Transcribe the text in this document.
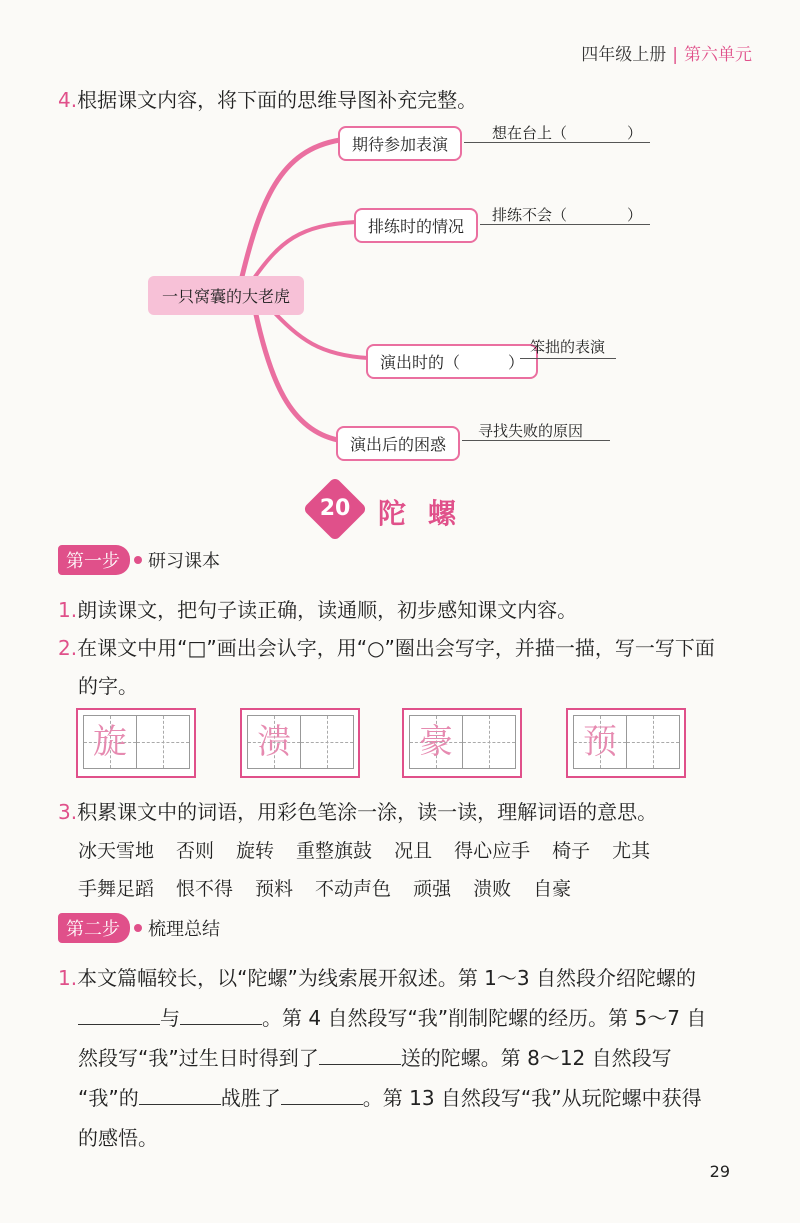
四年级上册 | 第六单元
4.根据课文内容，将下面的思维导图补充完整。
一只窝囊的大老虎
期待参加表演
想在台上（　　　　）
排练时的情况
排练不会（　　　　）
演出时的（　　　）
笨拙的表演
演出后的困惑
寻找失败的原因
20 陀螺
第一步	研习课本
1.朗读课文，把句子读正确，读通顺，初步感知课文内容。
2.在课文中用“□”画出会认字，用“○”圈出会写字，并描一描，写一写下面
的字。
旋	溃	豪	预
3.积累课文中的词语，用彩色笔涂一涂，读一读，理解词语的意思。
冰天雪地 否则 旋转 重整旗鼓 况且 得心应手 椅子 尤其
手舞足蹈 恨不得 预料 不动声色 顽强 溃败 自豪
第二步	梳理总结
1.本文篇幅较长，以“陀螺”为线索展开叙述。第 1～3 自然段介绍陀螺的
与	。第 4 自然段写“我”削制陀螺的经历。第 5～7 自
然段写“我”过生日时得到了	送的陀螺。第 8～12 自然段写
“我”的	战胜了	。第 13 自然段写“我”从玩陀螺中获得
的感悟。
29
